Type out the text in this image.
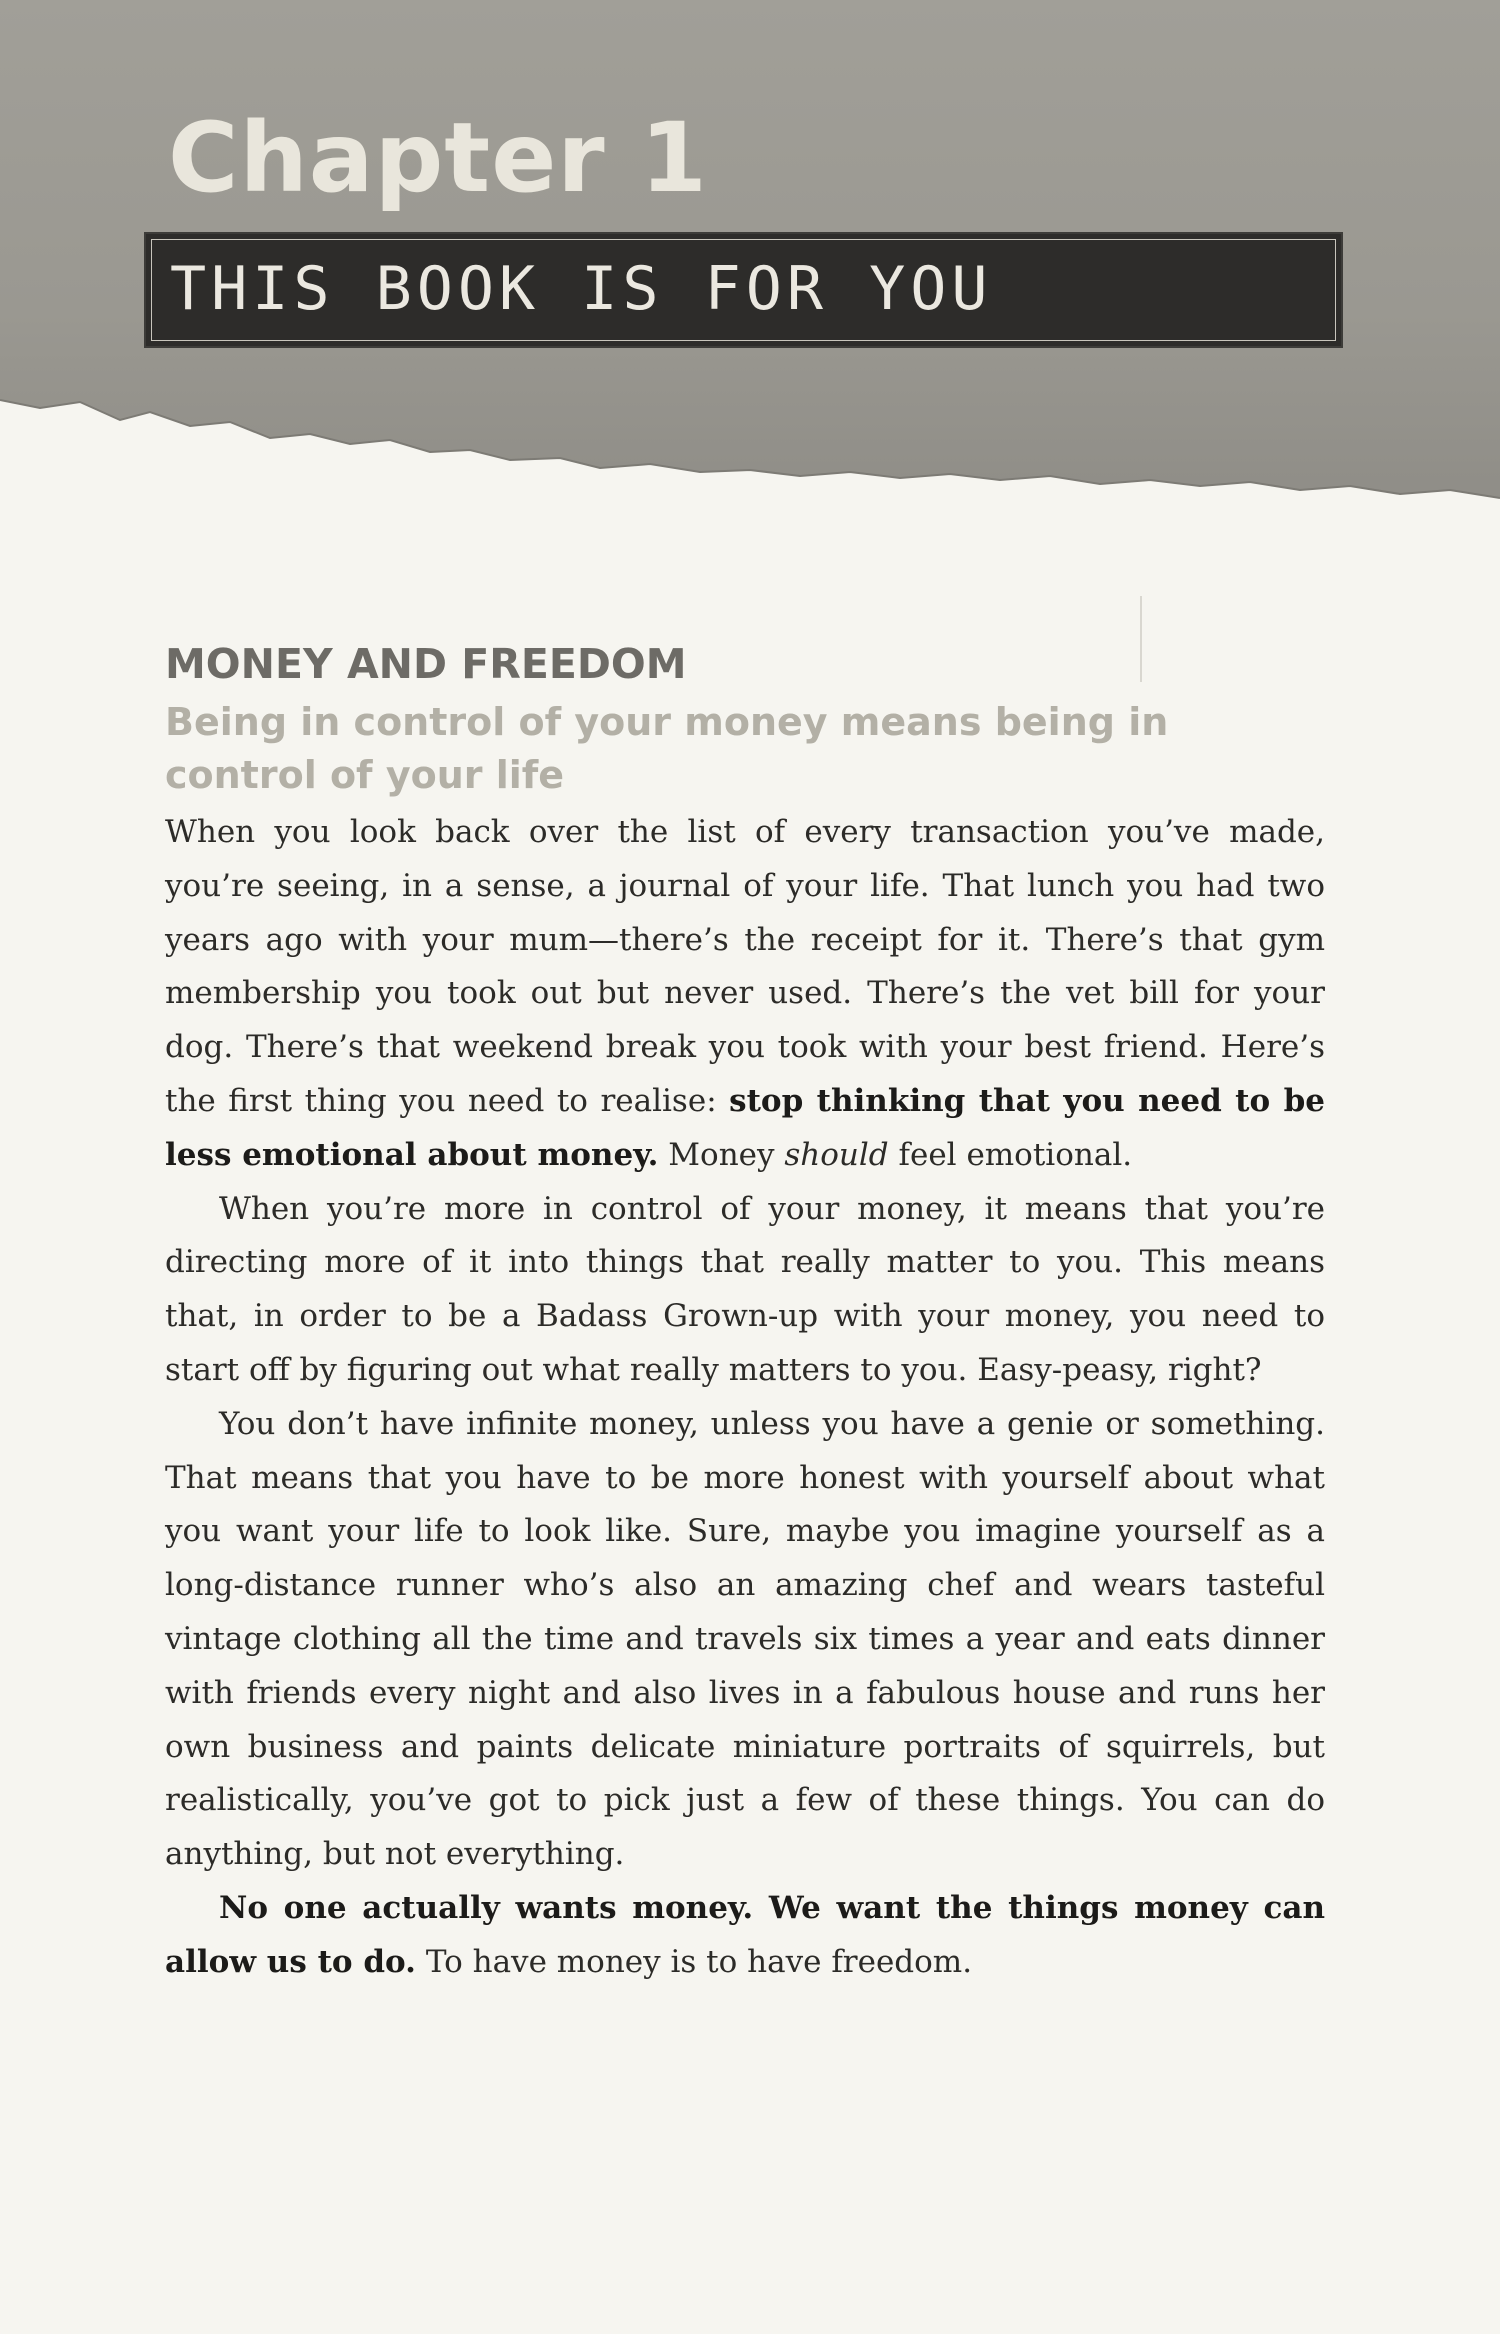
Chapter 1
THIS BOOK IS FOR YOU
MONEY AND FREEDOM
Being in control of your money means being in control of your life

When you look back over the list of every transaction you’ve made, you’re seeing, in a sense, a journal of your life. That lunch you had two years ago with your mum—there’s the receipt for it. There’s that gym membership you took out but never used. There’s the vet bill for your dog. There’s that weekend break you took with your best friend. Here’s the first thing you need to realise: stop thinking that you need to be less emotional about money. Money should feel emotional.

When you’re more in control of your money, it means that you’re directing more of it into things that really matter to you. This means that, in order to be a Badass Grown-up with your money, you need to start off by figuring out what really matters to you. Easy-peasy, right?

You don’t have infinite money, unless you have a genie or something. That means that you have to be more honest with yourself about what you want your life to look like. Sure, maybe you imagine yourself as a long-distance runner who’s also an amazing chef and wears tasteful vintage clothing all the time and travels six times a year and eats dinner with friends every night and also lives in a fabulous house and runs her own business and paints delicate miniature portraits of squirrels, but realistically, you’ve got to pick just a few of these things. You can do anything, but not everything.

No one actually wants money. We want the things money can allow us to do. To have money is to have freedom.
